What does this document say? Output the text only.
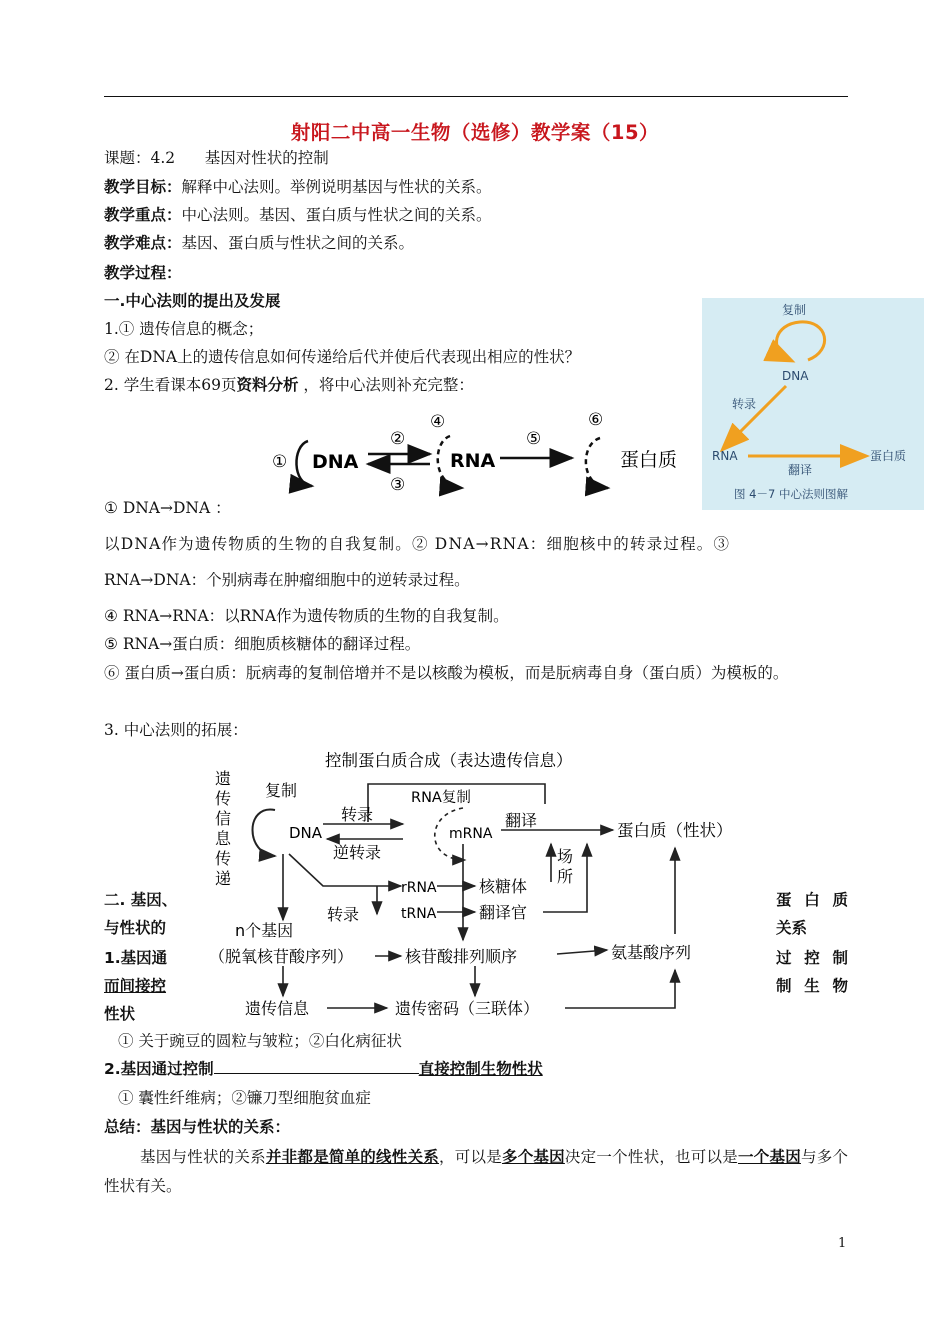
射阳二中高一生物（选修）教学案（15）
课题：4.2 基因对性状的控制
教学目标：解释中心法则。举例说明基因与性状的关系。
教学重点：中心法则。基因、蛋白质与性状之间的关系。
教学难点：基因、蛋白质与性状之间的关系。
教学过程：
一.中心法则的提出及发展
1.① 遗传信息的概念；
② 在DNA上的遗传信息如何传递给后代并使后代表现出相应的性状？
2. 学生看课本69页资料分析 ，将中心法则补充完整：
① DNA
②
③
④
RNA
⑤
⑥
蛋白质
复制
DNA
转录
RNA
翻译
蛋白质
图 4－7 中心法则图解
① DNA→DNA ：
以DNA作为遗传物质的生物的自我复制。② DNA→RNA：细胞核中的转录过程。③
RNA→DNA：个别病毒在肿瘤细胞中的逆转录过程。
④ RNA→RNA：以RNA作为遗传物质的生物的自我复制。
⑤ RNA→蛋白质：细胞质核糖体的翻译过程。
⑥ 蛋白质→蛋白质：朊病毒的复制倍增并不是以核酸为模板，而是朊病毒自身（蛋白质）为模板的。
3. 中心法则的拓展：
控制蛋白质合成（表达遗传信息）
遗
传
信
息
传
递
复制
DNA
转录
逆转录
RNA复制
mRNA
翻译
蛋白质（性状）
场
所
rRNA
tRNA
核糖体
翻译官
转录
n个基因
（脱氧核苷酸序列）	核苷酸排列顺序	氨基酸序列
遗传信息	遗传密码（三联体）
二. 基因、
与性状的
1.基因通
而间接控
性状
蛋 白 质
关系
过 控 制
制 生 物
① 关于豌豆的圆粒与皱粒；②白化病征状
2.基因通过控制	直接控制生物性状
① 囊性纤维病；②镰刀型细胞贫血症
总结：基因与性状的关系：
基因与性状的关系并非都是简单的线性关系，可以是多个基因决定一个性状，也可以是一个基因与多个性状有关。
1
